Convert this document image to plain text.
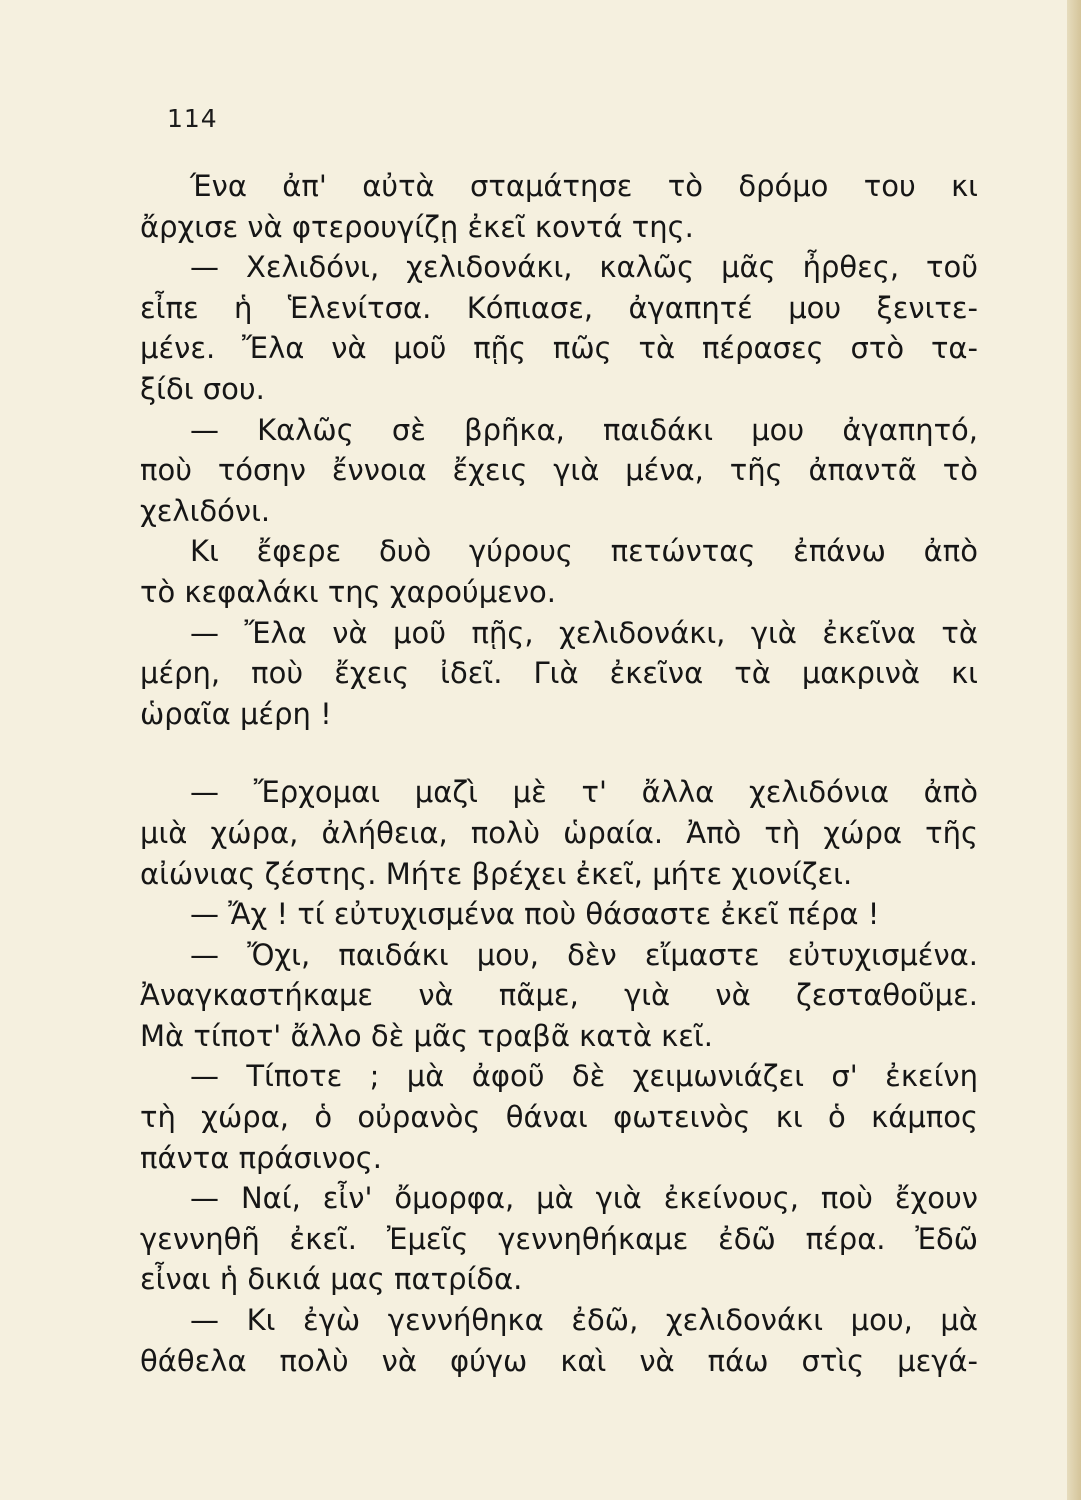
114
Ένα ἀπ' αὐτὰ σταμάτησε τὸ δρόμο του κι
ἄρχισε νὰ φτερουγίζῃ ἐκεῖ κοντά της.
— Χελιδόνι, χελιδονάκι, καλῶς μᾶς ἦρθες, τοῦ
εἶπε ἡ Ἑλενίτσα. Κόπιασε, ἀγαπητέ μου ξενιτε-
μένε. Ἔλα νὰ μοῦ πῇς πῶς τὰ πέρασες στὸ τα-
ξίδι σου.
— Καλῶς σὲ βρῆκα, παιδάκι μου ἀγαπητό,
ποὺ τόσην ἔννοια ἔχεις γιὰ μένα, τῆς ἀπαντᾶ τὸ
χελιδόνι.
Κι ἔφερε δυὸ γύρους πετώντας ἐπάνω ἀπὸ
τὸ κεφαλάκι της χαρούμενο.
— Ἔλα νὰ μοῦ πῇς, χελιδονάκι, γιὰ ἐκεῖνα τὰ
μέρη, ποὺ ἔχεις ἰδεῖ. Γιὰ ἐκεῖνα τὰ μακρινὰ κι
ὡραῖα μέρη !
— Ἔρχομαι μαζὶ μὲ τ' ἄλλα χελιδόνια ἀπὸ
μιὰ χώρα, ἀλήθεια, πολὺ ὡραία. Ἀπὸ τὴ χώρα τῆς
αἰώνιας ζέστης. Μήτε βρέχει ἐκεῖ, μήτε χιονίζει.
— Ἄχ ! τί εὐτυχισμένα ποὺ θάσαστε ἐκεῖ πέρα !
— Ὄχι, παιδάκι μου, δὲν εἴμαστε εὐτυχισμένα.
Ἀναγκαστήκαμε νὰ πᾶμε, γιὰ νὰ ζεσταθοῦμε.
Μὰ τίποτ' ἄλλο δὲ μᾶς τραβᾶ κατὰ κεῖ.
— Τίποτε ; μὰ ἀφοῦ δὲ χειμωνιάζει σ' ἐκείνη
τὴ χώρα, ὁ οὐρανὸς θάναι φωτεινὸς κι ὁ κάμπος
πάντα πράσινος.
— Ναί, εἶν' ὄμορφα, μὰ γιὰ ἐκείνους, ποὺ ἔχουν
γεννηθῆ ἐκεῖ. Ἐμεῖς γεννηθήκαμε ἐδῶ πέρα. Ἐδῶ
εἶναι ἡ δικιά μας πατρίδα.
— Κι ἐγὼ γεννήθηκα ἐδῶ, χελιδονάκι μου, μὰ
θάθελα πολὺ νὰ φύγω καὶ νὰ πάω στὶς μεγά-
